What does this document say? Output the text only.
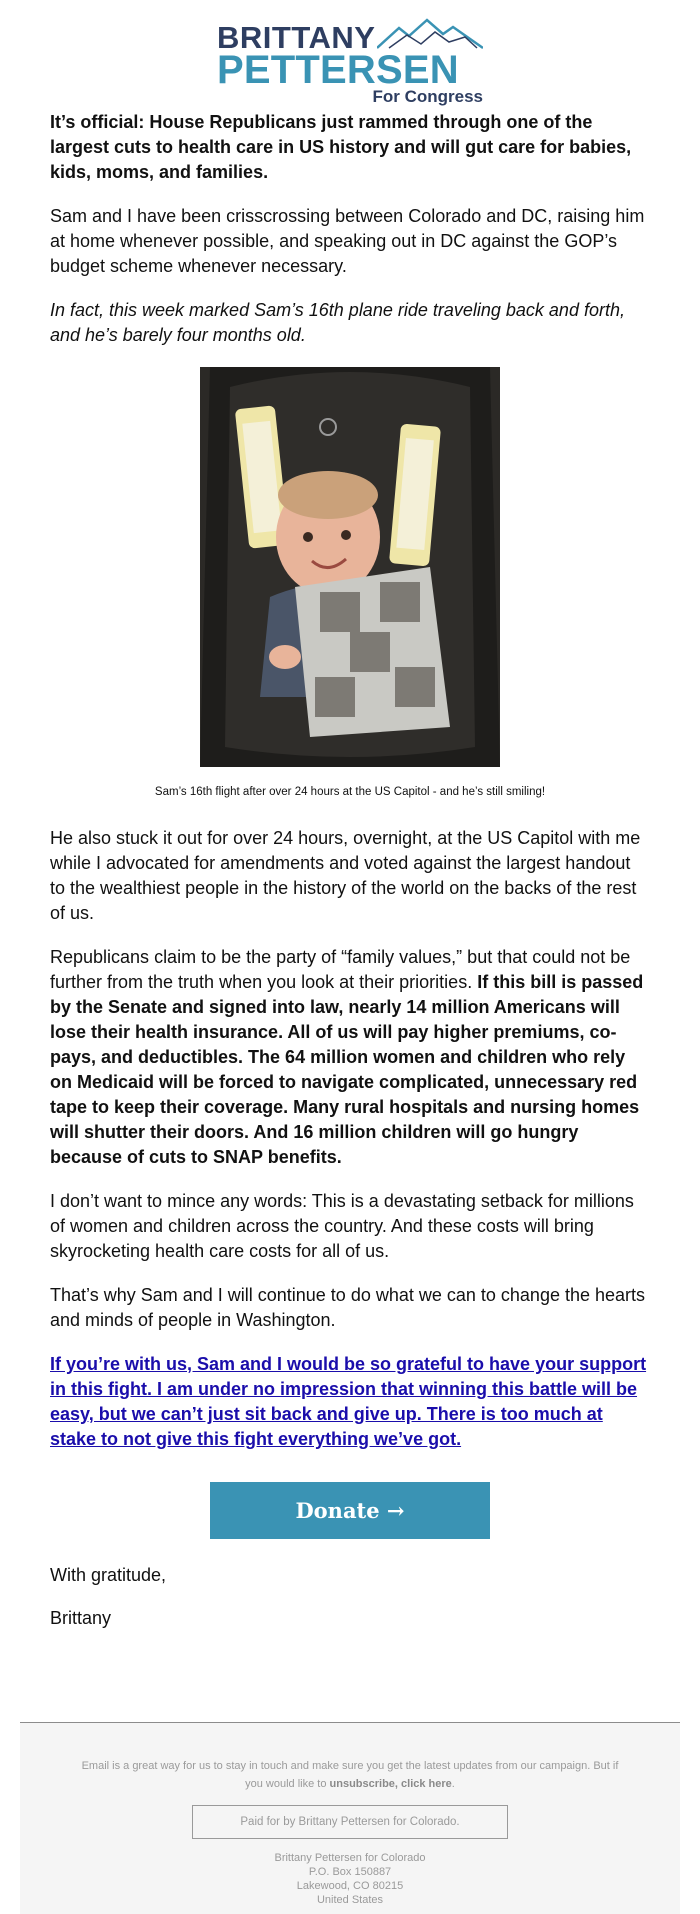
BRITTANY
PETTERSEN
For Congress

It’s official: House Republicans just rammed through one of the largest cuts to health care in US history and will gut care for babies, kids, moms, and families.

Sam and I have been crisscrossing between Colorado and DC, raising him at home whenever possible, and speaking out in DC against the GOP’s budget scheme whenever necessary.

In fact, this week marked Sam’s 16th plane ride traveling back and forth, and he’s barely four months old.

Sam’s 16th flight after over 24 hours at the US Capitol - and he’s still smiling!

He also stuck it out for over 24 hours, overnight, at the US Capitol with me while I advocated for amendments and voted against the largest handout to the wealthiest people in the history of the world on the backs of the rest of us.

Republicans claim to be the party of “family values,” but that could not be further from the truth when you look at their priorities. If this bill is passed by the Senate and signed into law, nearly 14 million Americans will lose their health insurance. All of us will pay higher premiums, co-pays, and deductibles. The 64 million women and children who rely on Medicaid will be forced to navigate complicated, unnecessary red tape to keep their coverage. Many rural hospitals and nursing homes will shutter their doors. And 16 million children will go hungry because of cuts to SNAP benefits.

I don’t want to mince any words: This is a devastating setback for millions of women and children across the country. And these costs will bring skyrocketing health care costs for all of us.

That’s why Sam and I will continue to do what we can to change the hearts and minds of people in Washington.

If you’re with us, Sam and I would be so grateful to have your support in this fight. I am under no impression that winning this battle will be easy, but we can’t just sit back and give up. There is too much at stake to not give this fight everything we’ve got.

Donate →
With gratitude,
Brittany
Email is a great way for us to stay in touch and make sure you get the latest updates from our campaign. But if you would like to unsubscribe, click here.
Paid for by Brittany Pettersen for Colorado.
Brittany Pettersen for Colorado
P.O. Box 150887
Lakewood, CO 80215
United States
